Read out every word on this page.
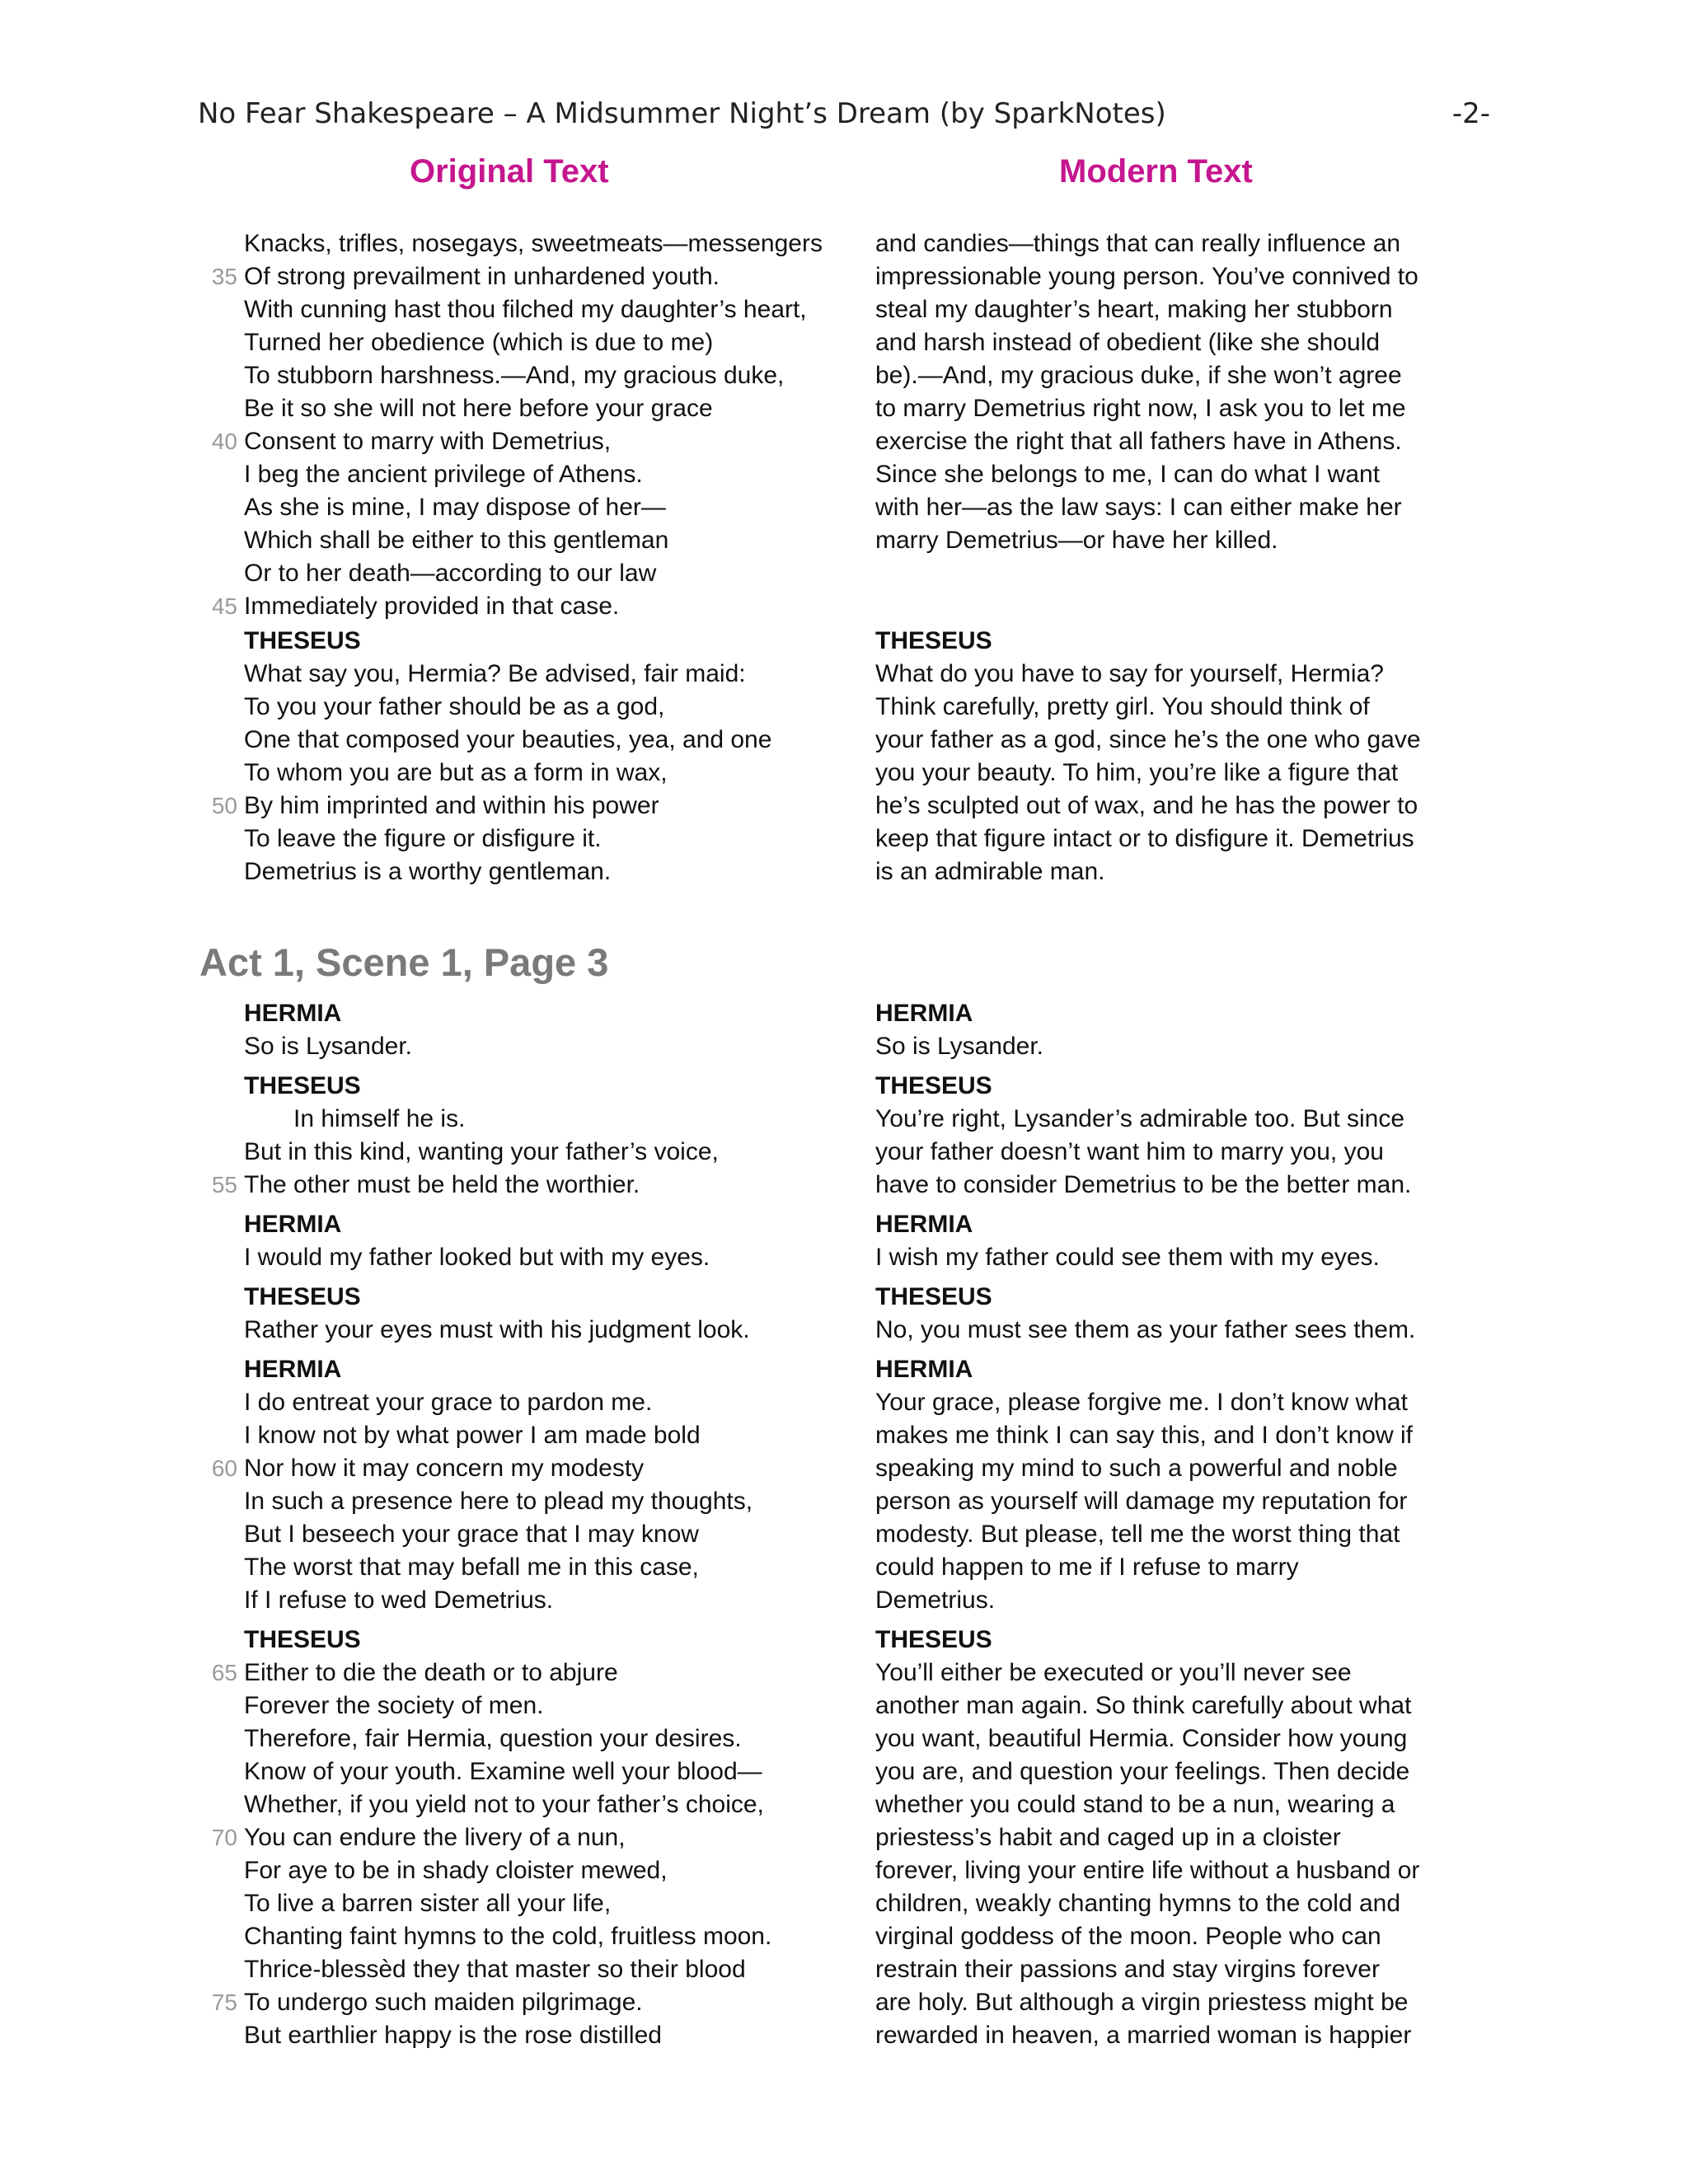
No Fear Shakespeare – A Midsummer Night’s Dream (by SparkNotes)	-2-
Original Text	Modern Text
Knacks, trifles, nosegays, sweetmeats—messengers
35 Of strong prevailment in unhardened youth.
With cunning hast thou filched my daughter’s heart,
Turned her obedience (which is due to me)
To stubborn harshness.—And, my gracious duke,
Be it so she will not here before your grace
40 Consent to marry with Demetrius,
I beg the ancient privilege of Athens.
As she is mine, I may dispose of her—
Which shall be either to this gentleman
Or to her death—according to our law
45 Immediately provided in that case.
THESEUS
What say you, Hermia? Be advised, fair maid:
To you your father should be as a god,
One that composed your beauties, yea, and one
To whom you are but as a form in wax,
50 By him imprinted and within his power
To leave the figure or disfigure it.
Demetrius is a worthy gentleman.
and candies—things that can really influence an
impressionable young person. You’ve connived to
steal my daughter’s heart, making her stubborn
and harsh instead of obedient (like she should
be).—And, my gracious duke, if she won’t agree
to marry Demetrius right now, I ask you to let me
exercise the right that all fathers have in Athens.
Since she belongs to me, I can do what I want
with her—as the law says: I can either make her
marry Demetrius—or have her killed.
THESEUS
What do you have to say for yourself, Hermia?
Think carefully, pretty girl. You should think of
your father as a god, since he’s the one who gave
you your beauty. To him, you’re like a figure that
he’s sculpted out of wax, and he has the power to
keep that figure intact or to disfigure it. Demetrius
is an admirable man.
Act 1, Scene 1, Page 3
HERMIA
So is Lysander.
THESEUS
In himself he is.
But in this kind, wanting your father’s voice,
55 The other must be held the worthier.
HERMIA
I would my father looked but with my eyes.
THESEUS
Rather your eyes must with his judgment look.
HERMIA
I do entreat your grace to pardon me.
I know not by what power I am made bold
60 Nor how it may concern my modesty
In such a presence here to plead my thoughts,
But I beseech your grace that I may know
The worst that may befall me in this case,
If I refuse to wed Demetrius.
THESEUS
65 Either to die the death or to abjure
Forever the society of men.
Therefore, fair Hermia, question your desires.
Know of your youth. Examine well your blood—
Whether, if you yield not to your father’s choice,
70 You can endure the livery of a nun,
For aye to be in shady cloister mewed,
To live a barren sister all your life,
Chanting faint hymns to the cold, fruitless moon.
Thrice-blessèd they that master so their blood
75 To undergo such maiden pilgrimage.
But earthlier happy is the rose distilled
HERMIA
So is Lysander.
THESEUS
You’re right, Lysander’s admirable too. But since
your father doesn’t want him to marry you, you
have to consider Demetrius to be the better man.
HERMIA
I wish my father could see them with my eyes.
THESEUS
No, you must see them as your father sees them.
HERMIA
Your grace, please forgive me. I don’t know what
makes me think I can say this, and I don’t know if
speaking my mind to such a powerful and noble
person as yourself will damage my reputation for
modesty. But please, tell me the worst thing that
could happen to me if I refuse to marry
Demetrius.
THESEUS
You’ll either be executed or you’ll never see
another man again. So think carefully about what
you want, beautiful Hermia. Consider how young
you are, and question your feelings. Then decide
whether you could stand to be a nun, wearing a
priestess’s habit and caged up in a cloister
forever, living your entire life without a husband or
children, weakly chanting hymns to the cold and
virginal goddess of the moon. People who can
restrain their passions and stay virgins forever
are holy. But although a virgin priestess might be
rewarded in heaven, a married woman is happier
